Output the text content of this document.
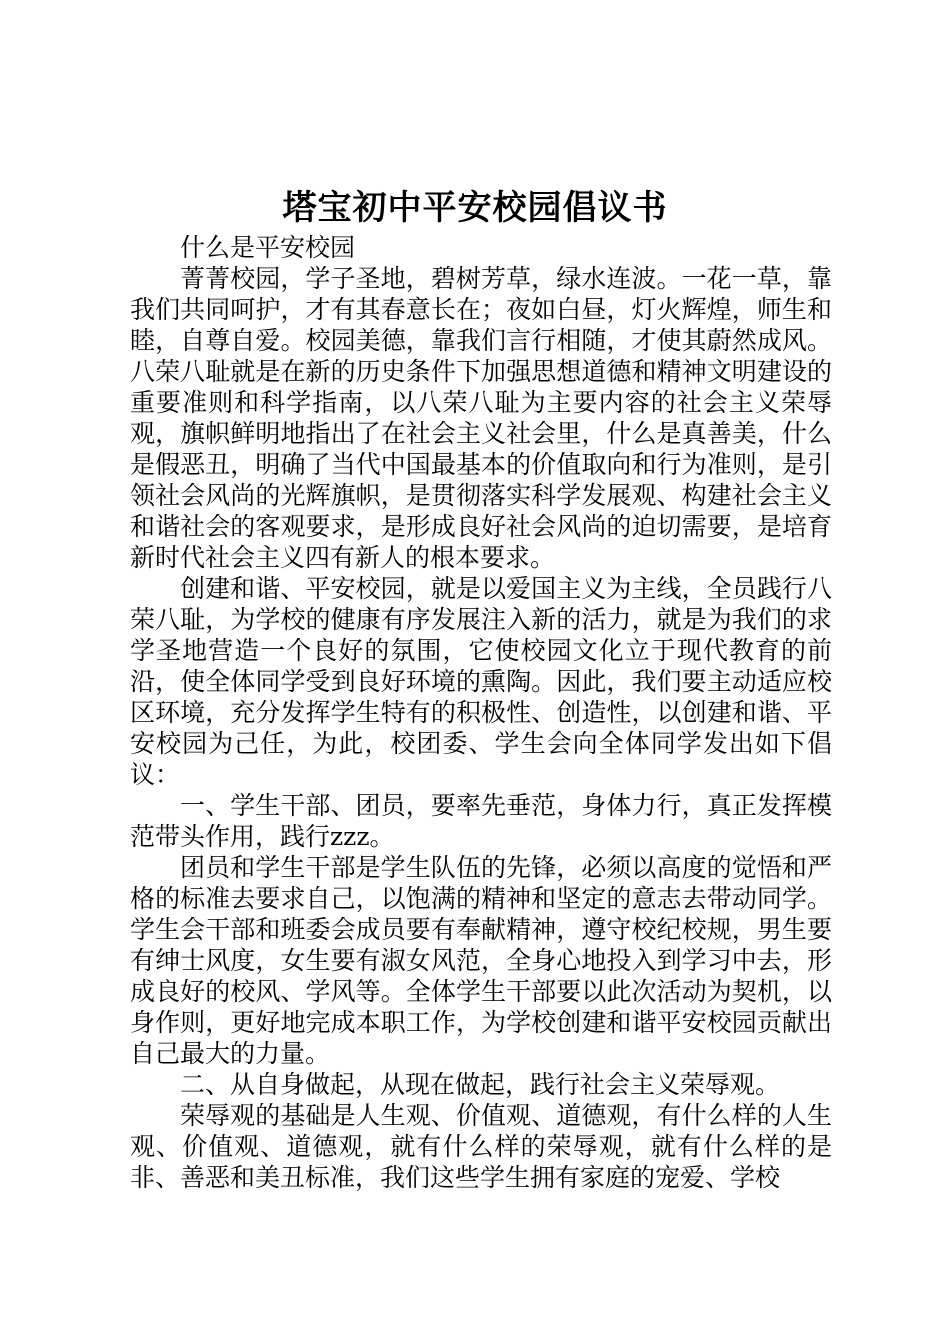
塔宝初中平安校园倡议书

什么是平安校园

菁菁校园，学子圣地，碧树芳草，绿水连波。一花一草，靠我们共同呵护，才有其春意长在；夜如白昼，灯火辉煌，师生和睦，自尊自爱。校园美德，靠我们言行相随，才使其蔚然成风。八荣八耻就是在新的历史条件下加强思想道德和精神文明建设的重要准则和科学指南，以八荣八耻为主要内容的社会主义荣辱观，旗帜鲜明地指出了在社会主义社会里，什么是真善美，什么是假恶丑，明确了当代中国最基本的价值取向和行为准则，是引领社会风尚的光辉旗帜，是贯彻落实科学发展观、构建社会主义和谐社会的客观要求，是形成良好社会风尚的迫切需要，是培育新时代社会主义四有新人的根本要求。

创建和谐、平安校园，就是以爱国主义为主线，全员践行八荣八耻，为学校的健康有序发展注入新的活力，就是为我们的求学圣地营造一个良好的氛围，它使校园文化立于现代教育的前沿，使全体同学受到良好环境的熏陶。因此，我们要主动适应校区环境，充分发挥学生特有的积极性、创造性，以创建和谐、平安校园为己任，为此，校团委、学生会向全体同学发出如下倡议：

一、学生干部、团员，要率先垂范，身体力行，真正发挥模范带头作用，践行zzz。

团员和学生干部是学生队伍的先锋，必须以高度的觉悟和严格的标准去要求自己，以饱满的精神和坚定的意志去带动同学。学生会干部和班委会成员要有奉献精神，遵守校纪校规，男生要有绅士风度，女生要有淑女风范，全身心地投入到学习中去，形成良好的校风、学风等。全体学生干部要以此次活动为契机，以身作则，更好地完成本职工作，为学校创建和谐平安校园贡献出自己最大的力量。

二、从自身做起，从现在做起，践行社会主义荣辱观。

荣辱观的基础是人生观、价值观、道德观，有什么样的人生观、价值观、道德观，就有什么样的荣辱观，就有什么样的是非、善恶和美丑标准，我们这些学生拥有家庭的宠爱、学校
